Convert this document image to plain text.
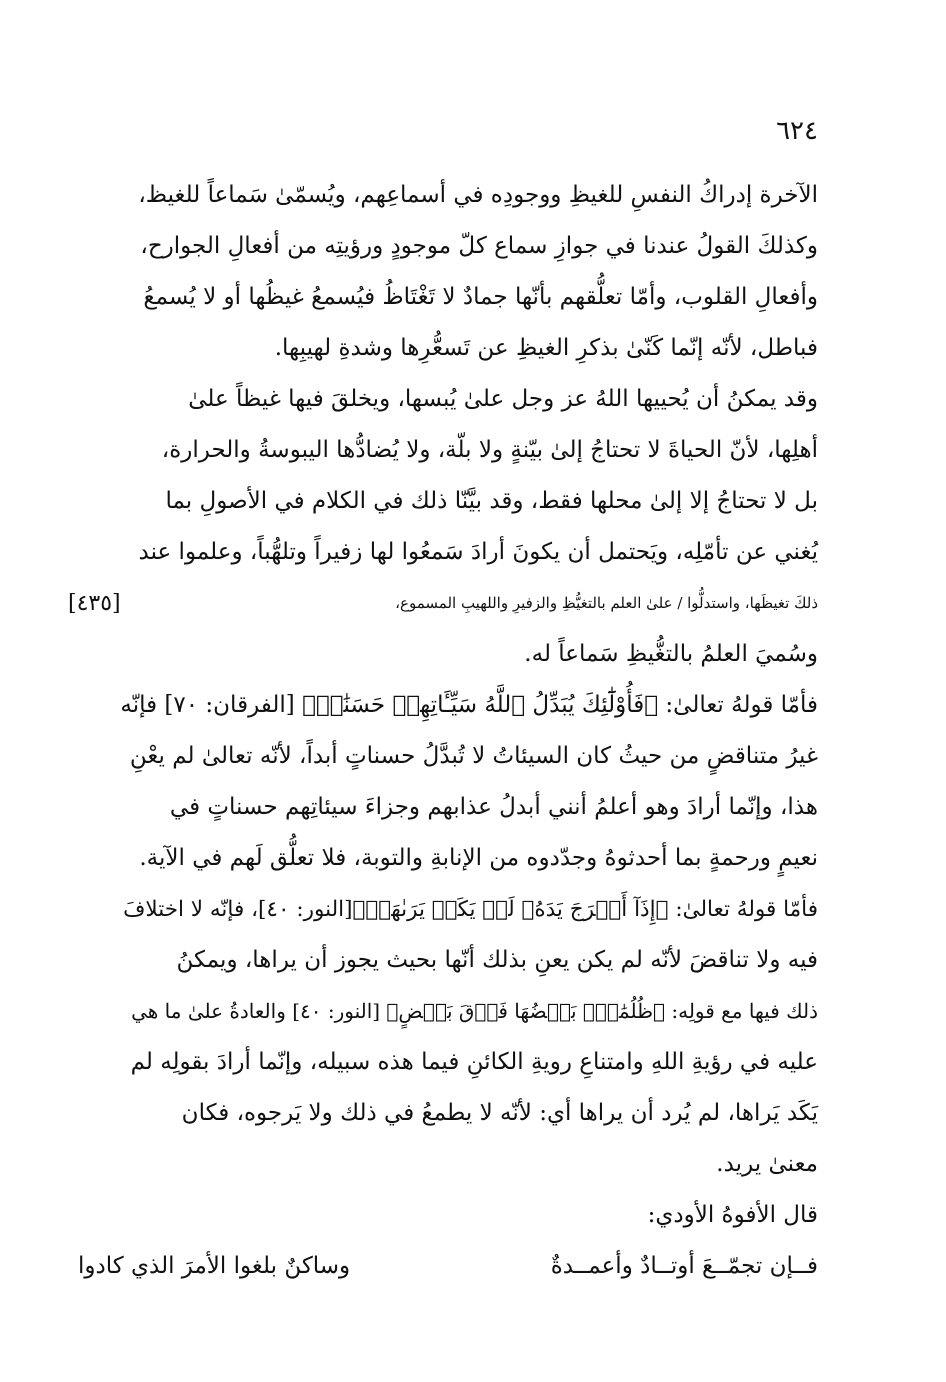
٦٢٤

الآخرة إدراكُ النفسِ للغيظِ ووجودِه في أسماعِهم، ويُسمّىٰ سَماعاً للغيظ،
وكذلكَ القولُ عندنا في جوازِ سماع كلّ موجودٍ ورؤيتِه من أفعالِ الجوارح،
وأفعالِ القلوب، وأمّا تعلُّقهم بأنّها جمادٌ لا تَغْتَاظُ فيُسمعُ غيظُها أو لا يُسمعُ
فباطل، لأنّه إنّما كَنّىٰ بذكرِ الغيظِ عن تَسعُّرِها وشدةِ لهيبِها.

وقد يمكنُ أن يُحييها اللهُ عز وجل علىٰ يُبسها، ويخلقَ فيها غيظاً علىٰ
أهلِها، لأنّ الحياةَ لا تحتاجُ إلىٰ بيّنةٍ ولا بلّة، ولا يُضادُّها اليبوسةُ والحرارة،
بل لا تحتاجُ إلا إلىٰ محلها فقط، وقد بيَّنّا ذلك في الكلام في الأصولِ بما
يُغني عن تأمّلِه، ويَحتمل أن يكونَ أرادَ سَمعُوا لها زفيراً وتلهُّباً، وعلموا عند
ذلكَ تغيظَها، واستدلُّوا / علىٰ العلم بالتغيُّظِ والزفيرِ واللهيبِ المسموع،
[٤٣٥]
وسُميَ العلمُ بالتغُّيظِ سَماعاً له.

فأمّا قولهُ تعالىٰ: ﴿فَأُوْلَٰٓئِكَ يُبَدِّلُ ٱللَّهُ سَيِّـَٔاتِهِمۡ حَسَنَٰتٖ﴾ [الفرقان: ٧٠] فإنّه
غيرُ متناقضٍ من حيثُ كان السيئاتُ لا تُبدَّلُ حسناتٍ أبداً، لأنّه تعالىٰ لم يعْنِ
هذا، وإنّما أرادَ وهو أعلمُ أنني أبدلُ عذابهم وجزاءَ سيئاتِهم حسناتٍ في
نعيمٍ ورحمةٍ بما أحدثوهُ وجدّدوه من الإنابةِ والتوبة، فلا تعلُّق لَهم في الآية.

فأمّا قولهُ تعالىٰ: ﴿إِذَآ أَخۡرَجَ يَدَهُۥ لَمۡ يَكَدۡ يَرَىٰهَاۗ﴾[النور: ٤٠]، فإنّه لا اختلافَ
فيه ولا تناقضَ لأنّه لم يكن يعنِ بذلك أنّها بحيث يجوز أن يراها، ويمكنُ
ذلك فيها مع قولِه: ﴿ظُلُمَٰتُۢ بَعۡضُهَا فَوۡقَ بَعۡضٍ﴾ [النور: ٤٠] والعادةُ علىٰ ما هي
عليه في رؤيةِ اللهِ وامتناعِ رويةِ الكائنِ فيما هذه سبيله، وإنّما أرادَ بقولِه لم
يَكَد يَراها، لم يُرد أن يراها أي: لأنّه لا يطمعُ في ذلك ولا يَرجوه، فكان
معنىٰ يريد.

قال الأفوهُ الأودي:

فــإن تجمّــعَ أوتــادٌ وأعمــدةٌ
وساكنٌ بلغوا الأمرَ الذي كادوا
